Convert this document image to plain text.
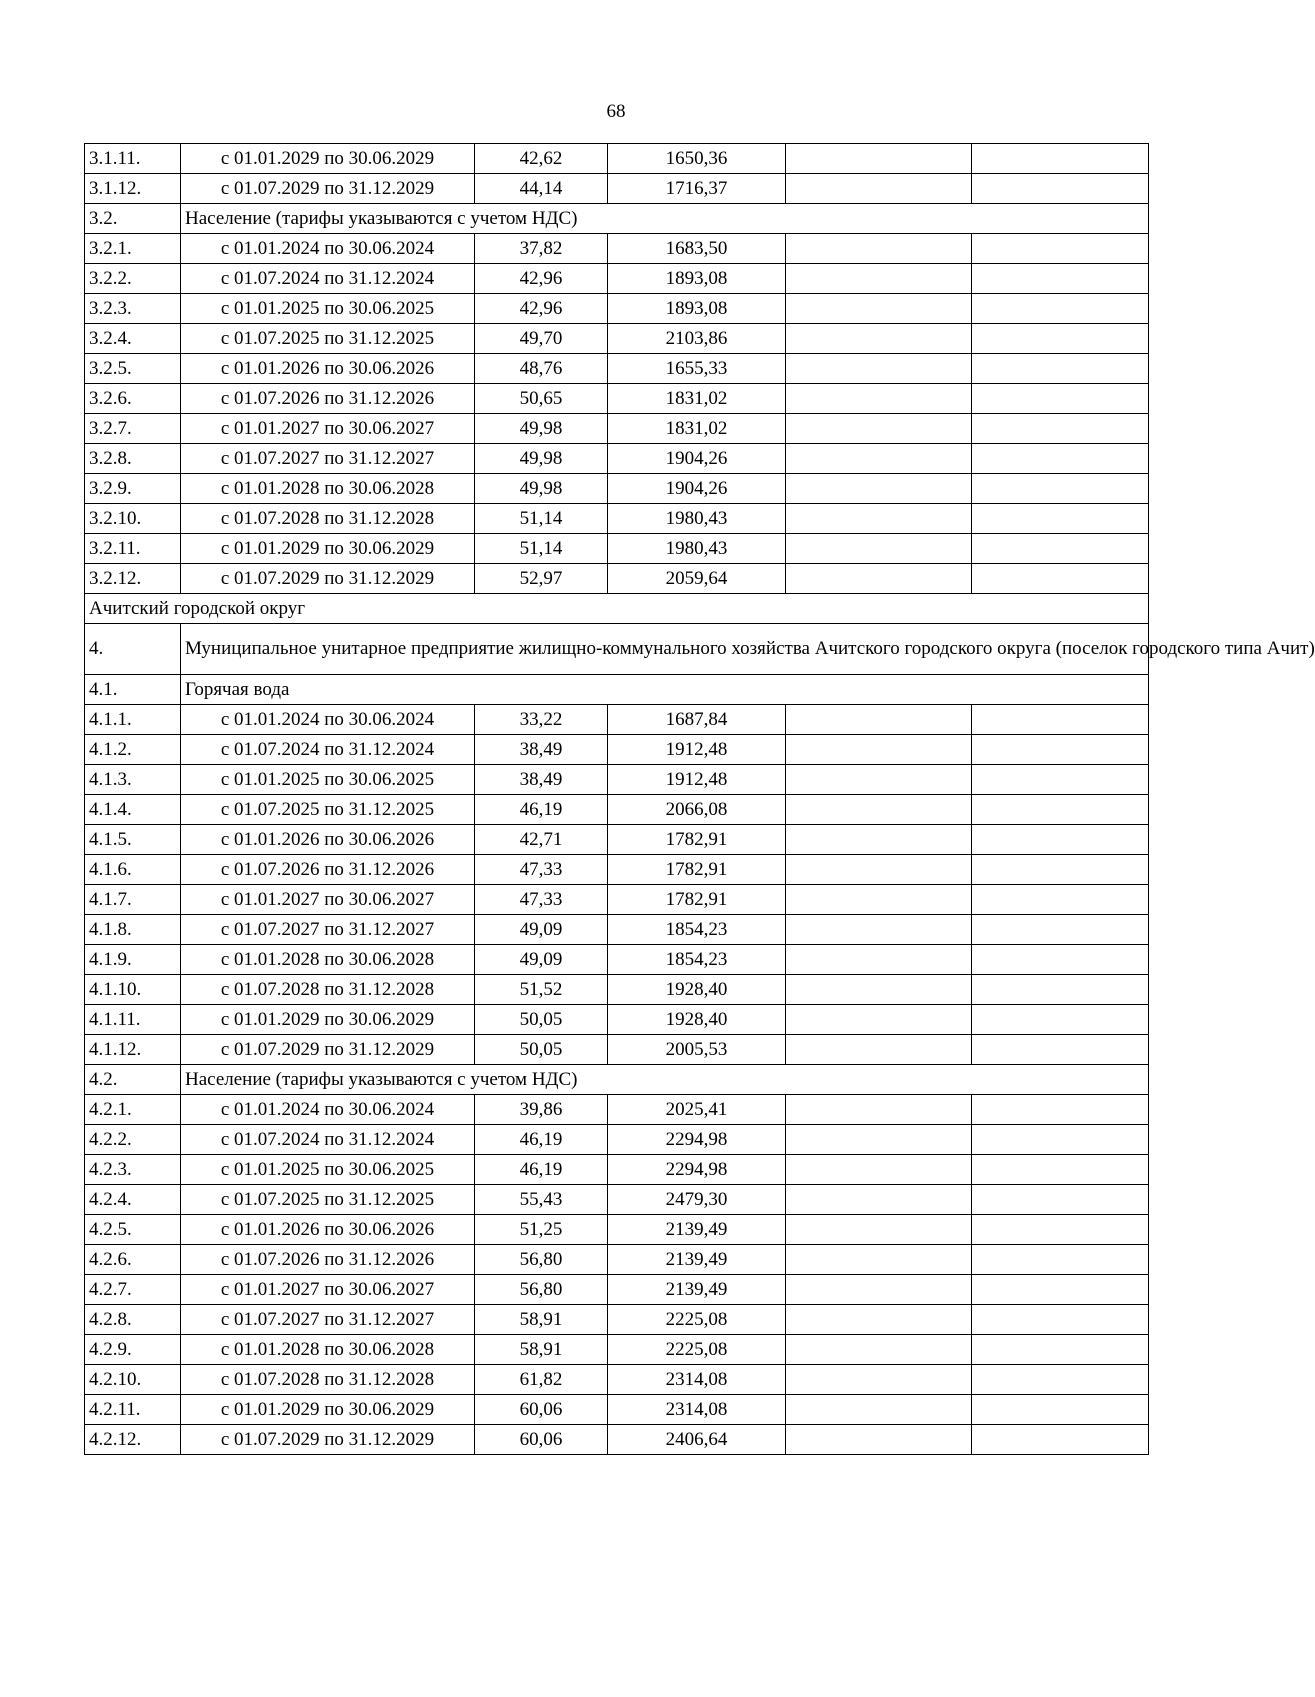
68
3.1.11.	с 01.01.2029 по 30.06.2029	42,62	1650,36		
3.1.12.	с 01.07.2029 по 31.12.2029	44,14	1716,37		
3.2.	Население (тарифы указываются с учетом НДС)				
3.2.1.	с 01.01.2024 по 30.06.2024	37,82	1683,50		
3.2.2.	с 01.07.2024 по 31.12.2024	42,96	1893,08		
3.2.3.	с 01.01.2025 по 30.06.2025	42,96	1893,08		
3.2.4.	с 01.07.2025 по 31.12.2025	49,70	2103,86		
3.2.5.	с 01.01.2026 по 30.06.2026	48,76	1655,33		
3.2.6.	с 01.07.2026 по 31.12.2026	50,65	1831,02		
3.2.7.	с 01.01.2027 по 30.06.2027	49,98	1831,02		
3.2.8.	с 01.07.2027 по 31.12.2027	49,98	1904,26		
3.2.9.	с 01.01.2028 по 30.06.2028	49,98	1904,26		
3.2.10.	с 01.07.2028 по 31.12.2028	51,14	1980,43		
3.2.11.	с 01.01.2029 по 30.06.2029	51,14	1980,43		
3.2.12.	с 01.07.2029 по 31.12.2029	52,97	2059,64		
Ачитский городской округ					
4.	Муниципальное унитарное предприятие жилищно-коммунального хозяйства Ачитского городского округа (поселок городского типа Ачит)				
4.1.	Горячая вода				
4.1.1.	с 01.01.2024 по 30.06.2024	33,22	1687,84		
4.1.2.	с 01.07.2024 по 31.12.2024	38,49	1912,48		
4.1.3.	с 01.01.2025 по 30.06.2025	38,49	1912,48		
4.1.4.	с 01.07.2025 по 31.12.2025	46,19	2066,08		
4.1.5.	с 01.01.2026 по 30.06.2026	42,71	1782,91		
4.1.6.	с 01.07.2026 по 31.12.2026	47,33	1782,91		
4.1.7.	с 01.01.2027 по 30.06.2027	47,33	1782,91		
4.1.8.	с 01.07.2027 по 31.12.2027	49,09	1854,23		
4.1.9.	с 01.01.2028 по 30.06.2028	49,09	1854,23		
4.1.10.	с 01.07.2028 по 31.12.2028	51,52	1928,40		
4.1.11.	с 01.01.2029 по 30.06.2029	50,05	1928,40		
4.1.12.	с 01.07.2029 по 31.12.2029	50,05	2005,53		
4.2.	Население (тарифы указываются с учетом НДС)				
4.2.1.	с 01.01.2024 по 30.06.2024	39,86	2025,41		
4.2.2.	с 01.07.2024 по 31.12.2024	46,19	2294,98		
4.2.3.	с 01.01.2025 по 30.06.2025	46,19	2294,98		
4.2.4.	с 01.07.2025 по 31.12.2025	55,43	2479,30		
4.2.5.	с 01.01.2026 по 30.06.2026	51,25	2139,49		
4.2.6.	с 01.07.2026 по 31.12.2026	56,80	2139,49		
4.2.7.	с 01.01.2027 по 30.06.2027	56,80	2139,49		
4.2.8.	с 01.07.2027 по 31.12.2027	58,91	2225,08		
4.2.9.	с 01.01.2028 по 30.06.2028	58,91	2225,08		
4.2.10.	с 01.07.2028 по 31.12.2028	61,82	2314,08		
4.2.11.	с 01.01.2029 по 30.06.2029	60,06	2314,08		
4.2.12.	с 01.07.2029 по 31.12.2029	60,06	2406,64		
